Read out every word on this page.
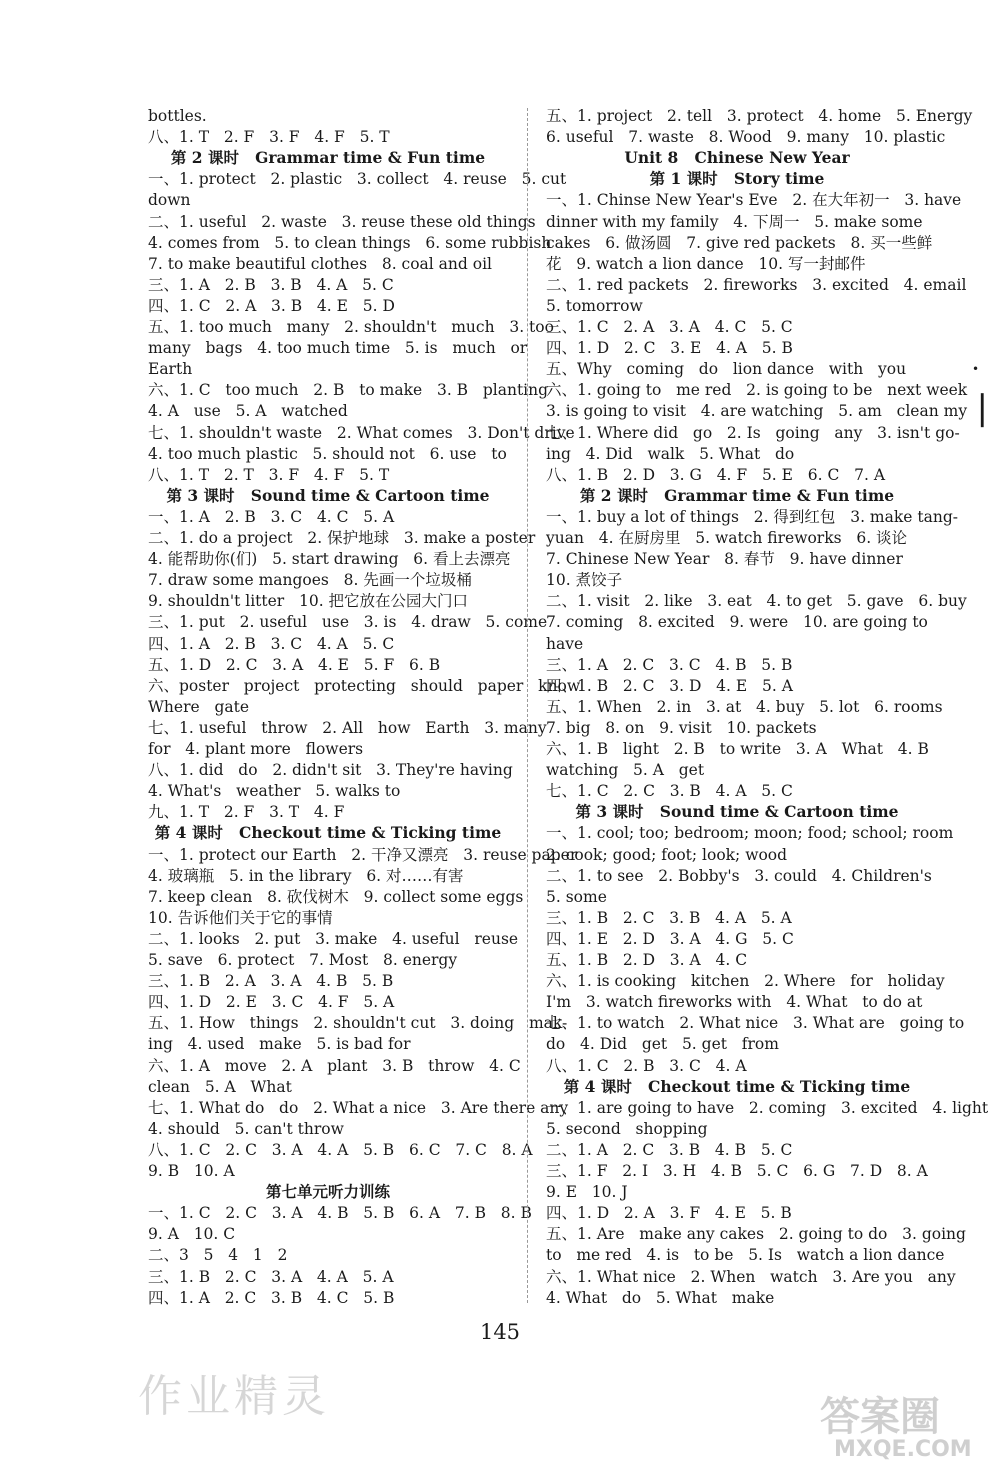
bottles.
八、1. T   2. F   3. F   4. F   5. T
第 2 课时   Grammar time & Fun time
一、1. protect   2. plastic   3. collect   4. reuse   5. cut
down
二、1. useful   2. waste   3. reuse these old things
4. comes from   5. to clean things   6. some rubbish
7. to make beautiful clothes   8. coal and oil
三、1. A   2. B   3. B   4. A   5. C
四、1. C   2. A   3. B   4. E   5. D
五、1. too much   many   2. shouldn't   much   3. too
many   bags   4. too much time   5. is   much   or
Earth
六、1. C   too much   2. B   to make   3. B   planting
4. A   use   5. A   watched
七、1. shouldn't waste   2. What comes   3. Don't drive
4. too much plastic   5. should not   6. use   to
八、1. T   2. T   3. F   4. F   5. T
第 3 课时   Sound time & Cartoon time
一、1. A   2. B   3. C   4. C   5. A
二、1. do a project   2. 保护地球   3. make a poster
4. 能帮助你(们)   5. start drawing   6. 看上去漂亮
7. draw some mangoes   8. 先画一个垃圾桶
9. shouldn't litter   10. 把它放在公园大门口
三、1. put   2. useful   use   3. is   4. draw   5. come
四、1. A   2. B   3. C   4. A   5. C
五、1. D   2. C   3. A   4. E   5. F   6. B
六、poster   project   protecting   should   paper   know
Where   gate
七、1. useful   throw   2. All   how   Earth   3. many
for   4. plant more   flowers
八、1. did   do   2. didn't sit   3. They're having
4. What's   weather   5. walks to
九、1. T   2. F   3. T   4. F
第 4 课时   Checkout time & Ticking time
一、1. protect our Earth   2. 干净又漂亮   3. reuse paper
4. 玻璃瓶   5. in the library   6. 对……有害
7. keep clean   8. 砍伐树木   9. collect some eggs
10. 告诉他们关于它的事情
二、1. looks   2. put   3. make   4. useful   reuse
5. save   6. protect   7. Most   8. energy
三、1. B   2. A   3. A   4. B   5. B
四、1. D   2. E   3. C   4. F   5. A
五、1. How   things   2. shouldn't cut   3. doing   mak-
ing   4. used   make   5. is bad for
六、1. A   move   2. A   plant   3. B   throw   4. C
clean   5. A   What
七、1. What do   do   2. What a nice   3. Are there any
4. should   5. can't throw
八、1. C   2. C   3. A   4. A   5. B   6. C   7. C   8. A
9. B   10. A
第七单元听力训练
一、1. C   2. C   3. A   4. B   5. B   6. A   7. B   8. B
9. A   10. C
二、3   5   4   1   2
三、1. B   2. C   3. A   4. A   5. A
四、1. A   2. C   3. B   4. C   5. B
五、1. project   2. tell   3. protect   4. home   5. Energy
6. useful   7. waste   8. Wood   9. many   10. plastic
Unit 8   Chinese New Year
第 1 课时   Story time
一、1. Chinse New Year's Eve   2. 在大年初一   3. have
dinner with my family   4. 下周一   5. make some
cakes   6. 做汤圆   7. give red packets   8. 买一些鲜
花   9. watch a lion dance   10. 写一封邮件
二、1. red packets   2. fireworks   3. excited   4. email
5. tomorrow
三、1. C   2. A   3. A   4. C   5. C
四、1. D   2. C   3. E   4. A   5. B
五、Why   coming   do   lion dance   with   you
六、1. going to   me red   2. is going to be   next week
3. is going to visit   4. are watching   5. am   clean my
七、1. Where did   go   2. Is   going   any   3. isn't go-
ing   4. Did   walk   5. What   do
八、1. B   2. D   3. G   4. F   5. E   6. C   7. A
第 2 课时   Grammar time & Fun time
一、1. buy a lot of things   2. 得到红包   3. make tang-
yuan   4. 在厨房里   5. watch fireworks   6. 谈论
7. Chinese New Year   8. 春节   9. have dinner
10. 煮饺子
二、1. visit   2. like   3. eat   4. to get   5. gave   6. buy
7. coming   8. excited   9. were   10. are going to
have
三、1. A   2. C   3. C   4. B   5. B
四、1. B   2. C   3. D   4. E   5. A
五、1. When   2. in   3. at   4. buy   5. lot   6. rooms
7. big   8. on   9. visit   10. packets
六、1. B   light   2. B   to write   3. A   What   4. B
watching   5. A   get
七、1. C   2. C   3. B   4. A   5. C
第 3 课时   Sound time & Cartoon time
一、1. cool; too; bedroom; moon; food; school; room
2. cook; good; foot; look; wood
二、1. to see   2. Bobby's   3. could   4. Children's
5. some
三、1. B   2. C   3. B   4. A   5. A
四、1. E   2. D   3. A   4. G   5. C
五、1. B   2. D   3. A   4. C
六、1. is cooking   kitchen   2. Where   for   holiday
I'm   3. watch fireworks with   4. What   to do at
七、1. to watch   2. What nice   3. What are   going to
do   4. Did   get   5. get   from
八、1. C   2. B   3. C   4. A
第 4 课时   Checkout time & Ticking time
一、1. are going to have   2. coming   3. excited   4. light
5. second   shopping
二、1. A   2. C   3. B   4. B   5. C
三、1. F   2. I   3. H   4. B   5. C   6. G   7. D   8. A
9. E   10. J
四、1. D   2. A   3. F   4. E   5. B
五、1. Are   make any cakes   2. going to do   3. going
to   me red   4. is   to be   5. Is   watch a lion dance
六、1. What nice   2. When   watch   3. Are you   any
4. What   do   5. What   make
145
作业精灵	答案圈
MXQE.COM
•
❘
